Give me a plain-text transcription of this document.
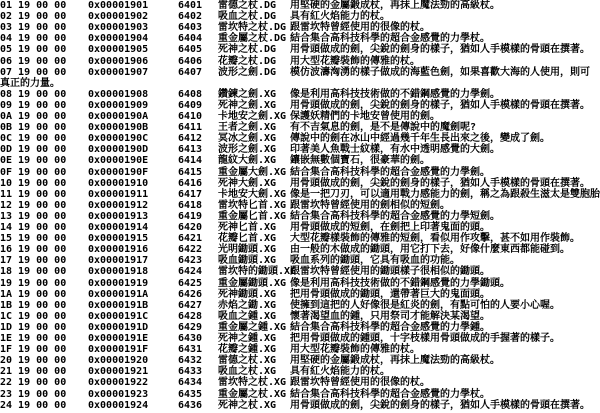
01 19 00 00 0x00001901	6401 雷德之杖.DG 用堅硬的金屬鍛成杖，再抹上魔法勁的高級杖。
02 19 00 00 0x00001902	6402 吸血之杖.DG 具有紅火焰能力的杖。
03 19 00 00 0x00001903	6403 雷坎特之杖.DG 跟雷坎特曾經使用的很像的杖。
04 19 00 00 0x00001904	6404 重金屬之杖.DG 結合集合高科技科學的超合金感覺的力學杖。
05 19 00 00 0x00001905	6405 死神之杖.DG 用骨頭做成的劍，尖銳的劍身的樣子，猶如人手模樣的骨頭在撰著。
06 19 00 00 0x00001906	6406 花瓣之杖.DG 用大型花瓣裝飾的傳雅的杖。
07 19 00 00 0x00001907	6407 波形之劍.DG 模仿波濤洶湧的樣子做成的海藍色劍，如果喜歡大海的人使用，則可
真正的力量。
08 19 00 00 0x00001908	6408 鑽鍊之劍.XG 像是利用高科技技術做的不錯鋼感覺的力學劍。
09 19 00 00 0x00001909	6409 死神之劍.XG 用骨頭做成的劍，尖銳的劍身的樣子，猶如人手模樣的骨頭在撰著。
0A 19 00 00 0x0000190A	6410 卡地安之劍.XG 保護妖精們的卡地安曾使用的劍。
0B 19 00 00 0x0000190B	6411 王者之劍.XG 有不吉氣息的劍，是不是傳說中的魔劍呢?
0C 19 00 00 0x0000190C	6412 冥冰之劍.XG 傳說中的劍在冰山中經過幾千年生長出來之後，變成了劍。
0D 19 00 00 0x0000190D	6413 波形之劍.XG 印著美人魚戰士紋樣，有水中透明感覺的大劍。
0E 19 00 00 0x0000190E	6414 龍紋大劍.XG 鑲嵌無數個寶石，很豪華的劍。
0F 19 00 00 0x0000190F	6415 重金屬大劍.XG 結合集合高科技科學的超合金感覺的力學劍。
10 19 00 00 0x00001910	6416 死神大劍.XG 用骨頭做成的劍，尖銳的劍身的樣子，猶如人手模樣的骨頭在撰著。
11 19 00 00 0x00001911	6417 卡地安大劍.XG 像是一把刀刃，可以適用戰力感能力的劍，稱之為跟殺生滋太是雙胞胎
12 19 00 00 0x00001912	6418 雷坎特匕首.XG 跟雷坎特曾經使用的劍相似的短劍。
13 19 00 00 0x00001913	6419 重金屬匕首.XG 結合集合高科技科學的超合金感覺的力學短劍。
14 19 00 00 0x00001914	6420 死神匕首.XG 用骨頭做成的短劍，在劍把上印著鬼面的頭。
15 19 00 00 0x00001915	6421 花瓣匕首.XG 大型花瓣樣裝飾的傳雅的短劍，看似用作攻擊，甚不如用作裝飾。
16 19 00 00 0x00001916	6422 光明鋤頭.XG 由一般的木做成的鋤頭，用它打下去，好像什麼東西都能碰到。
17 19 00 00 0x00001917	6423 吸血鋤頭.XG 吸血系列的鋤頭，它具有吸血的功能。
18 19 00 00 0x00001918	6424 雷坎特的鋤頭.XG
跟雷坎特曾經使用的鋤頭樣子很相似的鋤頭。
19 19 00 00 0x00001919	6425 重金屬鋤頭.XG 像是利用高科技技術做的不錯鋼感覺的力學鋤頭。
1A 19 00 00 0x0000191A	6426 死神鋤頭.XG 把用骨頭做成的鋤頭，還帶著巨大的鬼面頭。
1B 19 00 00 0x0000191B	6427 赤焰之鋤.XG 使擁到這把的人好像很是紅炎的劍，有點可怕的人要小心喔。
1C 19 00 00 0x0000191C	6428 吸血之鍾.XG 懷著渴望血的鍾，只用祭司才能解決某渴望。
1D 19 00 00 0x0000191D	6429 重金屬之鍾.XG 結合集合高科技科學的超合金感覺的力學鍾。
1E 19 00 00 0x0000191E	6430 死神之鍾.XG 把用骨頭做成的鍾頭，十字枝樣用骨頭做成的手握著的樣子。
1F 19 00 00 0x0000191F	6431 花瓣之鍾.XG 用大型花瓣裝飾的傳雅的杖。
20 19 00 00 0x00001920	6432 雷德之杖.XG 用堅硬的金屬鍛成杖，再抹上魔法勁的高級杖。
21 19 00 00 0x00001921	6433 吸血之杖.XG 具有紅火焰能力的杖。
22 19 00 00 0x00001922	6434 雷坎特之杖.XG 跟雷坎特曾經使用的很像的杖。
23 19 00 00 0x00001923	6435 重金屬之杖.XG 結合集合高科技科學的超合金感覺的力學杖。
24 19 00 00 0x00001924	6436 死神之杖.XG 用骨頭做成的劍，尖銳的劍身的樣子，猶如人手模樣的骨頭在撰著。
